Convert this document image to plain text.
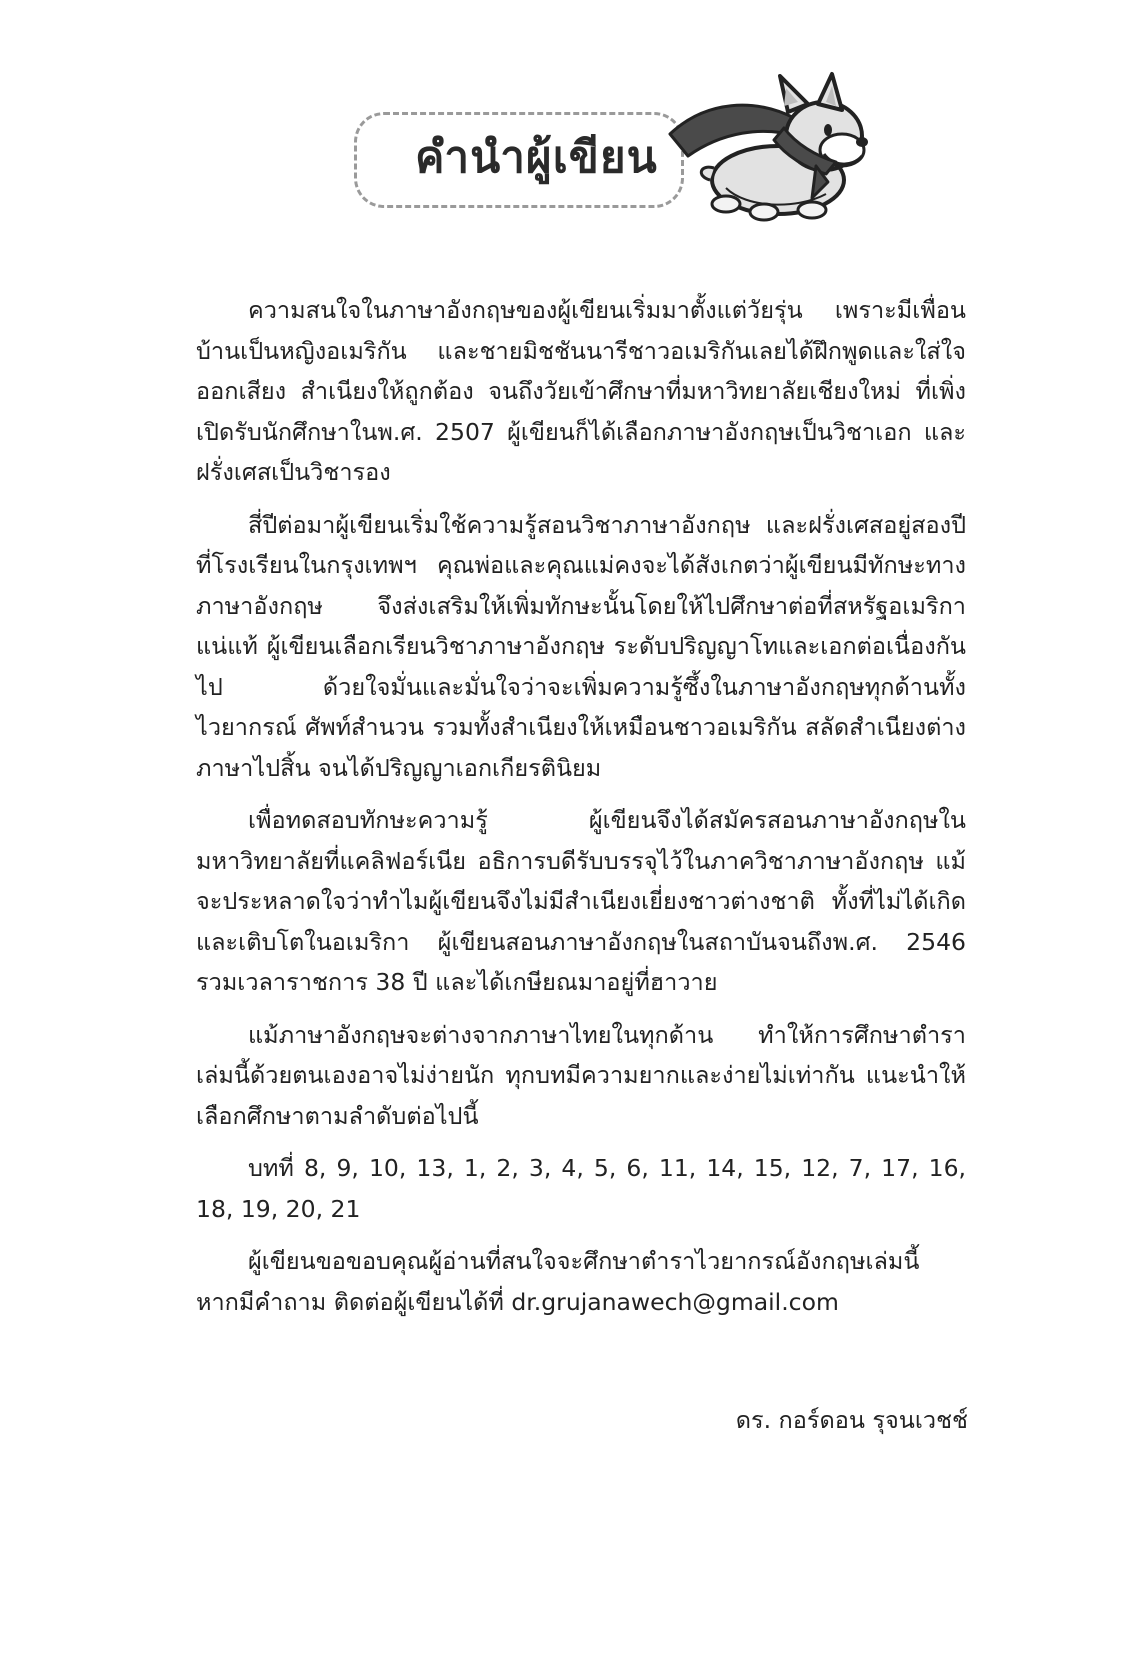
คำนำผู้เขียน

ความสนใจในภาษาอังกฤษของผู้เขียนเริ่มมาตั้งแต่วัยรุ่น เพราะมีเพื่อนบ้านเป็นหญิงอเมริกัน และชายมิชชันนารีชาวอเมริกันเลยได้ฝึกพูดและใส่ใจออกเสียง สำเนียงให้ถูกต้อง จนถึงวัยเข้าศึกษาที่มหาวิทยาลัยเชียงใหม่ ที่เพิ่งเปิดรับนักศึกษาในพ.ศ. 2507 ผู้เขียนก็ได้เลือกภาษาอังกฤษเป็นวิชาเอก และฝรั่งเศสเป็นวิชารอง

สี่ปีต่อมาผู้เขียนเริ่มใช้ความรู้สอนวิชาภาษาอังกฤษ และฝรั่งเศสอยู่สองปีที่โรงเรียนในกรุงเทพฯ คุณพ่อและคุณแม่คงจะได้สังเกตว่าผู้เขียนมีทักษะทางภาษาอังกฤษ จึงส่งเสริมให้เพิ่มทักษะนั้นโดยให้ไปศึกษาต่อที่สหรัฐอเมริกา แน่แท้ ผู้เขียนเลือกเรียนวิชาภาษาอังกฤษ ระดับปริญญาโทและเอกต่อเนื่องกันไป ด้วยใจมั่นและมั่นใจว่าจะเพิ่มความรู้ซึ้งในภาษาอังกฤษทุกด้านทั้ง ไวยากรณ์ ศัพท์สำนวน รวมทั้งสำเนียงให้เหมือนชาวอเมริกัน สลัดสำเนียงต่างภาษาไปสิ้น จนได้ปริญญาเอกเกียรตินิยม

เพื่อทดสอบทักษะความรู้ ผู้เขียนจึงได้สมัครสอนภาษาอังกฤษในมหาวิทยาลัยที่แคลิฟอร์เนีย อธิการบดีรับบรรจุไว้ในภาควิชาภาษาอังกฤษ แม้จะประหลาดใจว่าทำไมผู้เขียนจึงไม่มีสำเนียงเยี่ยงชาวต่างชาติ ทั้งที่ไม่ได้เกิดและเติบโตในอเมริกา ผู้เขียนสอนภาษาอังกฤษในสถาบันจนถึงพ.ศ. 2546 รวมเวลาราชการ 38 ปี และได้เกษียณมาอยู่ที่ฮาวาย

แม้ภาษาอังกฤษจะต่างจากภาษาไทยในทุกด้าน ทำให้การศึกษาตำราเล่มนี้ด้วยตนเองอาจไม่ง่ายนัก ทุกบทมีความยากและง่ายไม่เท่ากัน แนะนำให้เลือกศึกษาตามลำดับต่อไปนี้

บทที่ 8, 9, 10, 13, 1, 2, 3, 4, 5, 6, 11, 14, 15, 12, 7, 17, 16, 18, 19, 20, 21

ผู้เขียนขอขอบคุณผู้อ่านที่สนใจจะศึกษาตำราไวยากรณ์อังกฤษเล่มนี้ หากมีคำถาม ติดต่อผู้เขียนได้ที่ dr.grujanawech@gmail.com

ดร. กอร์ดอน รุจนเวชช์
